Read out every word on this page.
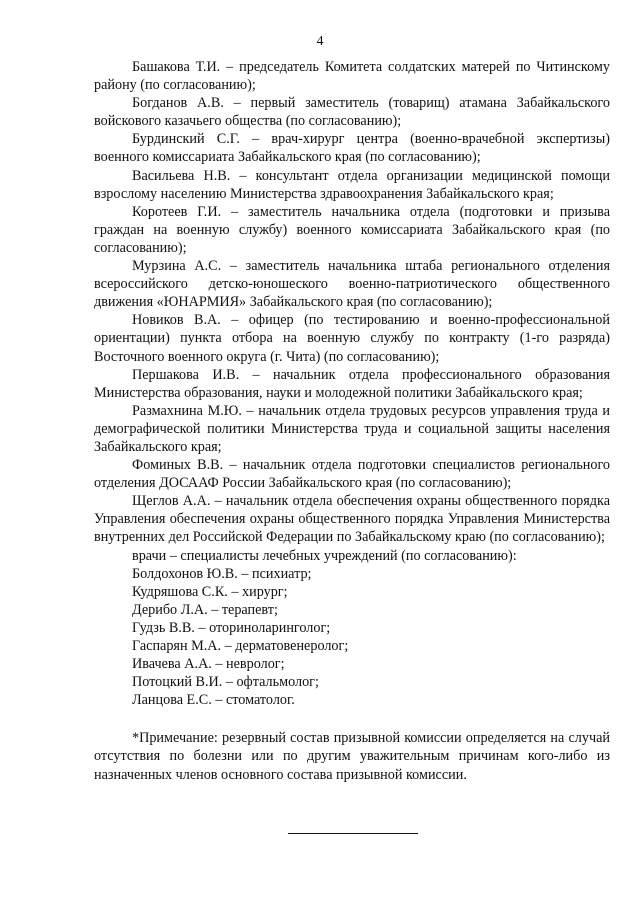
4

Башакова Т.И. – председатель Комитета солдатских матерей по Читинскому району (по согласованию);

Богданов А.В. – первый заместитель (товарищ) атамана Забайкальского войскового казачьего общества (по согласованию);

Бурдинский С.Г. – врач-хирург центра (военно-врачебной экспертизы) военного комиссариата Забайкальского края (по согласованию);

Васильева Н.В. – консультант отдела организации медицинской помощи взрослому населению Министерства здравоохранения Забайкальского края;

Коротеев Г.И. – заместитель начальника отдела (подготовки и призыва граждан на военную службу) военного комиссариата Забайкальского края (по согласованию);

Мурзина А.С. – заместитель начальника штаба регионального отделения всероссийского детско-юношеского военно-патриотического общественного движения «ЮНАРМИЯ» Забайкальского края (по согласованию);

Новиков В.А. – офицер (по тестированию и военно-профессиональной ориентации) пункта отбора на военную службу по контракту (1-го разряда) Восточного военного округа (г. Чита) (по согласованию);

Першакова И.В. – начальник отдела профессионального образования Министерства образования, науки и молодежной политики Забайкальского края;

Размахнина М.Ю. – начальник отдела трудовых ресурсов управления труда и демографической политики Министерства труда и социальной защиты населения Забайкальского края;

Фоминых В.В. – начальник отдела подготовки специалистов регионального отделения ДОСААФ России Забайкальского края (по согласованию);

Щеглов А.А. – начальник отдела обеспечения охраны общественного порядка Управления обеспечения охраны общественного порядка Управления Министерства внутренних дел Российской Федерации по Забайкальскому краю (по согласованию);

врачи – специалисты лечебных учреждений (по согласованию):

Болдохонов Ю.В. – психиатр;

Кудряшова С.К. – хирург;

Дерибо Л.А. – терапевт;

Гудзь В.В. – оториноларинголог;

Гаспарян М.А. – дерматовенеролог;

Ивачева А.А. – невролог;

Потоцкий В.И. – офтальмолог;

Ланцова Е.С. – стоматолог.

*Примечание: резервный состав призывной комиссии определяется на случай отсутствия по болезни или по другим уважительным причинам кого-либо из назначенных членов основного состава призывной комиссии.
